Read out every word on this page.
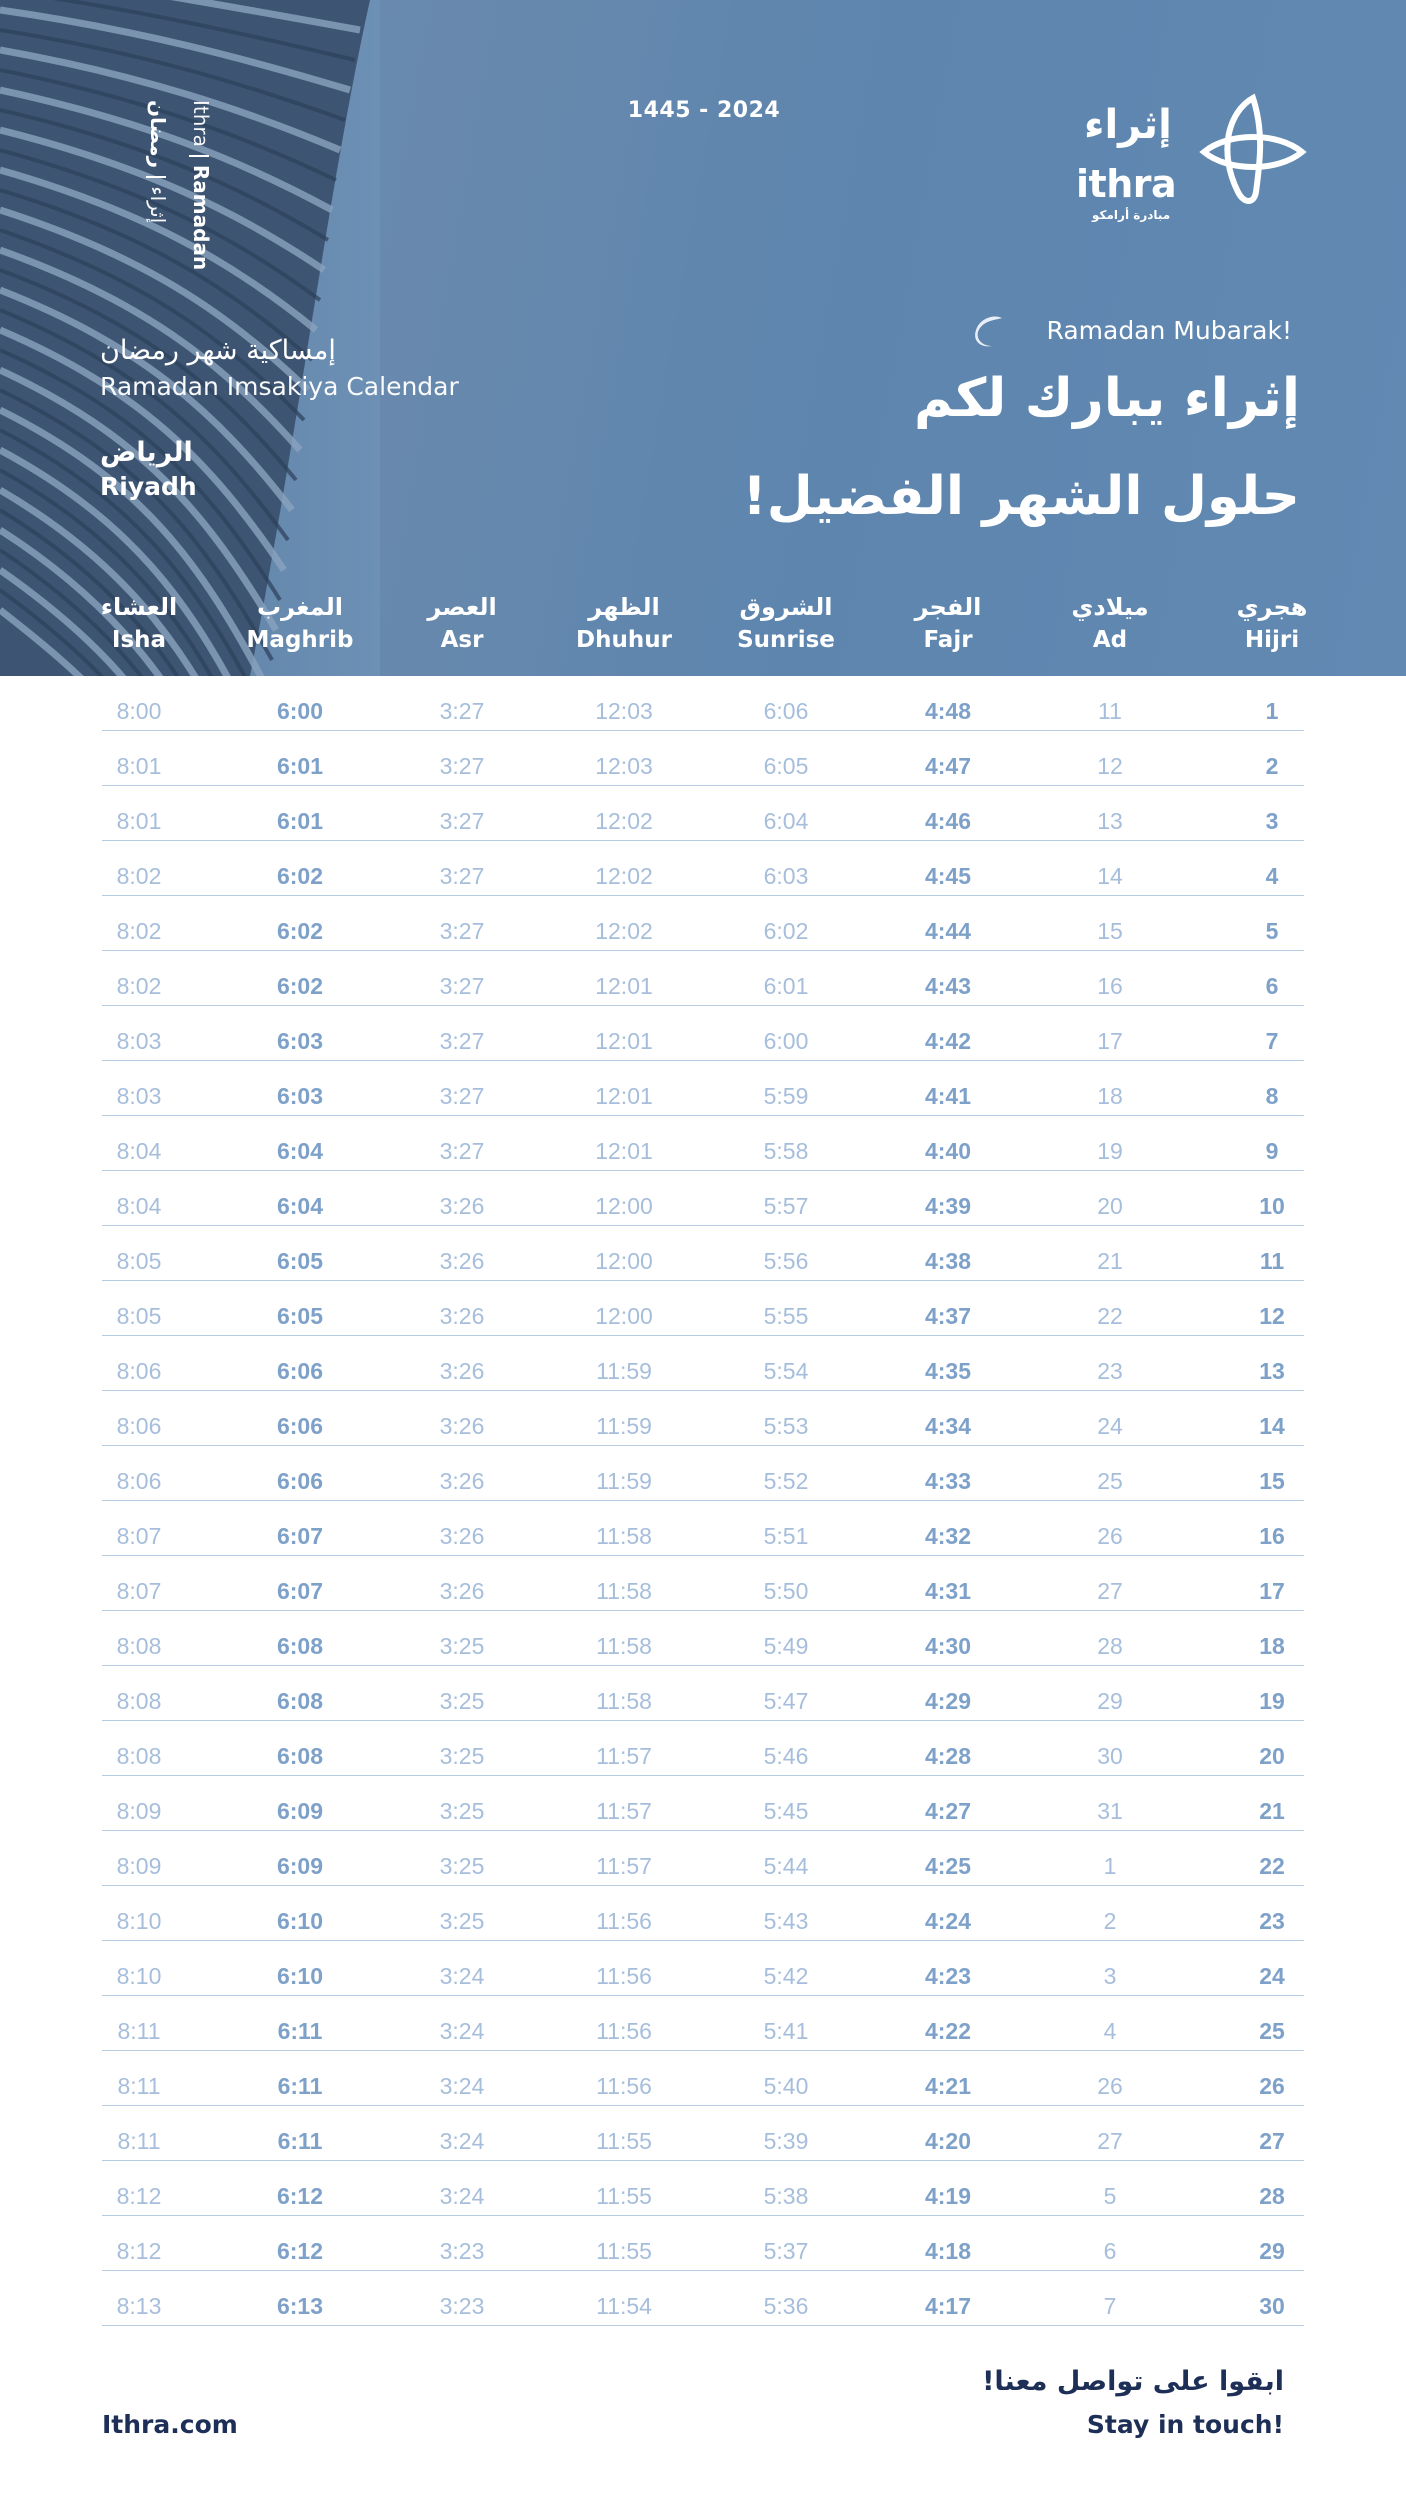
IthraRamadan
إثراءرمضان	1445 - 2024	إثراء
ithra
مبادرة أرامكو
إمساكية شهر رمضان
Ramadan Imsakiya Calendar
الرياض
Riyadh
Ramadan Mubarak!
إثراء يبارك لكم
حلول الشهر الفضيل!
هجري
Hijri
ميلادي
Ad
الفجر
Fajr
الشروق
Sunrise
الظهر
Dhuhur
العصر
Asr
المغرب
Maghrib
العشاء
Isha
1
11
4:48
6:06
12:03
3:27
6:00
8:00
2
12
4:47
6:05
12:03
3:27
6:01
8:01
3
13
4:46
6:04
12:02
3:27
6:01
8:01
4
14
4:45
6:03
12:02
3:27
6:02
8:02
5
15
4:44
6:02
12:02
3:27
6:02
8:02
6
16
4:43
6:01
12:01
3:27
6:02
8:02
7
17
4:42
6:00
12:01
3:27
6:03
8:03
8
18
4:41
5:59
12:01
3:27
6:03
8:03
9
19
4:40
5:58
12:01
3:27
6:04
8:04
10
20
4:39
5:57
12:00
3:26
6:04
8:04
11
21
4:38
5:56
12:00
3:26
6:05
8:05
12
22
4:37
5:55
12:00
3:26
6:05
8:05
13
23
4:35
5:54
11:59
3:26
6:06
8:06
14
24
4:34
5:53
11:59
3:26
6:06
8:06
15
25
4:33
5:52
11:59
3:26
6:06
8:06
16
26
4:32
5:51
11:58
3:26
6:07
8:07
17
27
4:31
5:50
11:58
3:26
6:07
8:07
18
28
4:30
5:49
11:58
3:25
6:08
8:08
19
29
4:29
5:47
11:58
3:25
6:08
8:08
20
30
4:28
5:46
11:57
3:25
6:08
8:08
21
31
4:27
5:45
11:57
3:25
6:09
8:09
22
1
4:25
5:44
11:57
3:25
6:09
8:09
23
2
4:24
5:43
11:56
3:25
6:10
8:10
24
3
4:23
5:42
11:56
3:24
6:10
8:10
25
4
4:22
5:41
11:56
3:24
6:11
8:11
26
26
4:21
5:40
11:56
3:24
6:11
8:11
27
27
4:20
5:39
11:55
3:24
6:11
8:11
28
5
4:19
5:38
11:55
3:24
6:12
8:12
29
6
4:18
5:37
11:55
3:23
6:12
8:12
30
7
4:17
5:36
11:54
3:23
6:13
8:13
ابقوا على تواصل معنا!
Stay in touch!
Ithra.com
